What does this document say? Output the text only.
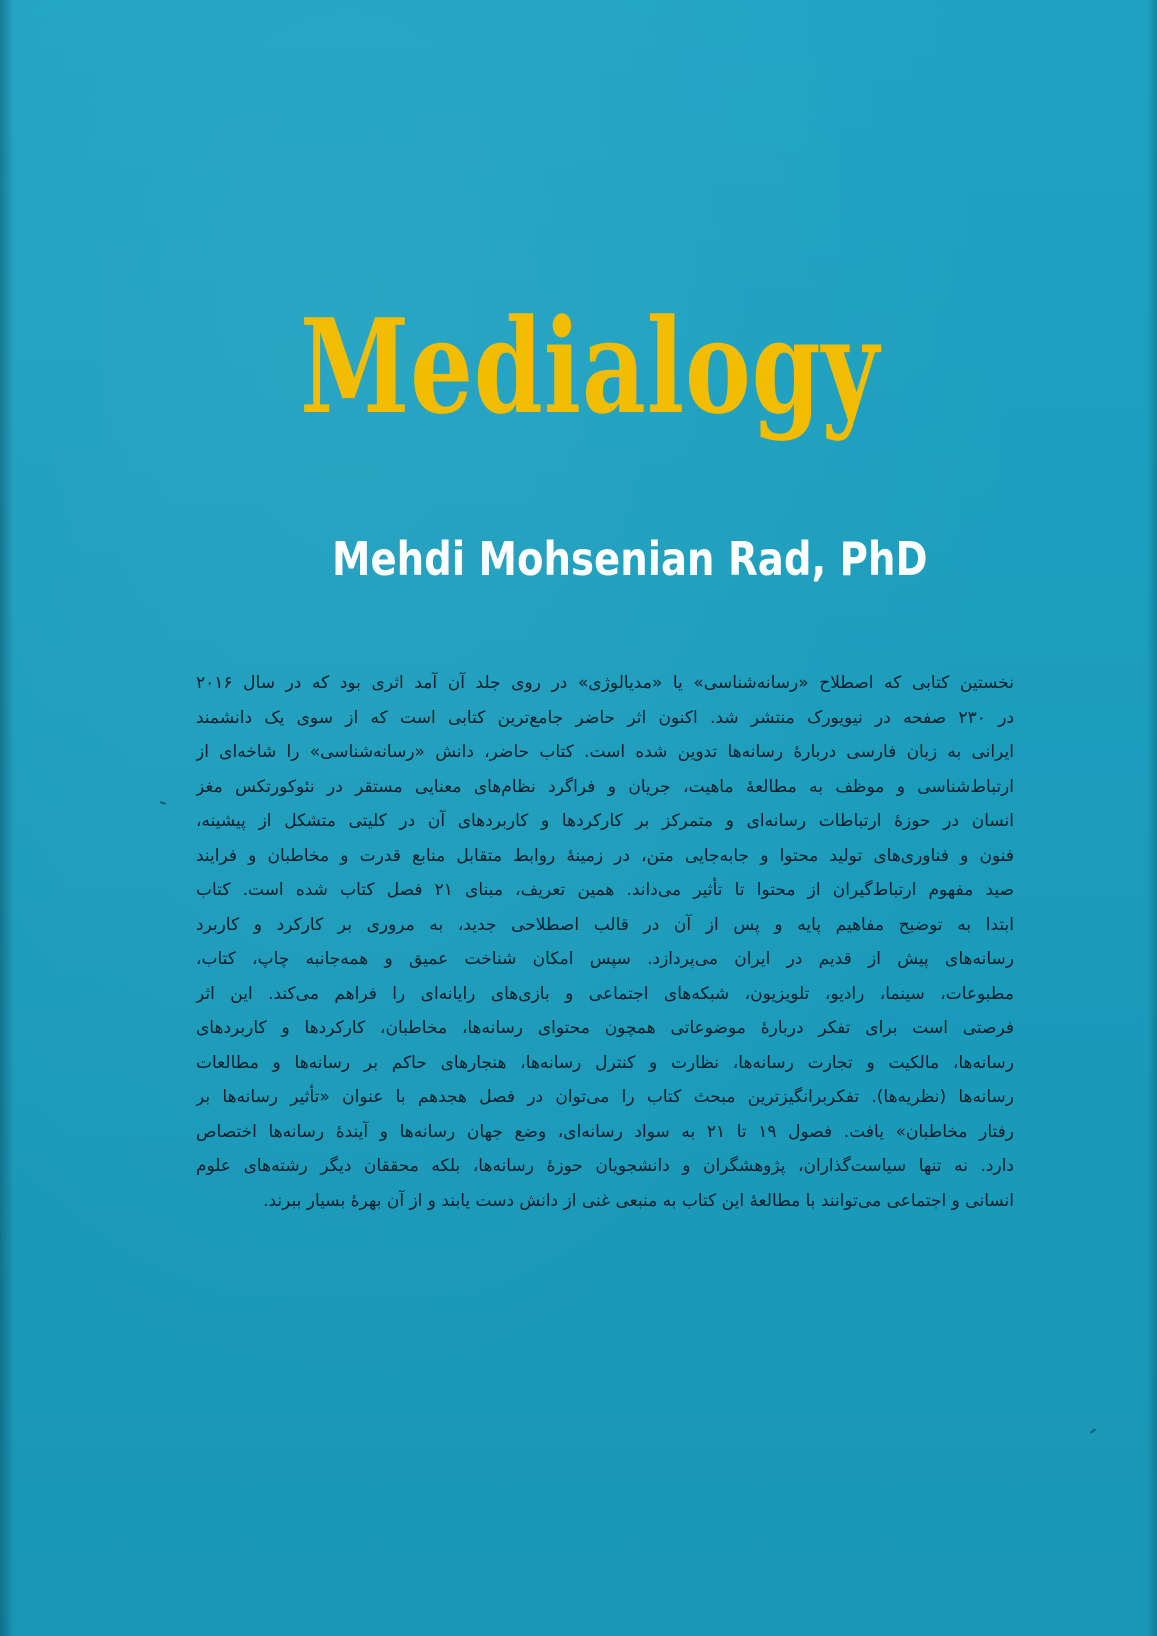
Medialogy
Mehdi Mohsenian Rad, PhD
نخستین کتابی که اصطلاح «رسانه‌شناسی» یا «مدیالوژی» در روی جلد آن آمد اثری بود که در سال ۲۰۱۶
در ۲۳۰ صفحه در نیویورک منتشر شد. اکنون اثر حاضر جامع‌ترین کتابی است که از سوی یک دانشمند
ایرانی به زبان فارسی دربارهٔ رسانه‌ها تدوین شده است. کتاب حاضر، دانش «رسانه‌شناسی» را شاخه‌ای از
ارتباط‌شناسی و موظف به مطالعهٔ ماهیت، جریان و فراگرد نظام‌های معنایی مستقر در نئوکورتکس مغز
انسان در حوزهٔ ارتباطات رسانه‌ای و متمرکز بر کارکردها و کاربردهای آن در کلیتی متشکل از پیشینه،
فنون و فناوری‌های تولید محتوا و جابه‌جایی متن، در زمینهٔ روابط متقابل منابع قدرت و مخاطبان و فرایند
صید مفهوم ارتباط‌گیران از محتوا تا تأثیر می‌داند. همین تعریف، مبنای ۲۱ فصل کتاب شده است. کتاب
ابتدا به توضیح مفاهیم پایه و پس از آن در قالب اصطلاحی جدید، به مروری بر کارکرد و کاربرد
رسانه‌های پیش از قدیم در ایران می‌پردازد. سپس امکان شناخت عمیق و همه‌جانبه چاپ، کتاب،
مطبوعات، سینما، رادیو، تلویزیون، شبکه‌های اجتماعی و بازی‌های رایانه‌ای را فراهم می‌کند. این اثر
فرصتی است برای تفکر دربارهٔ موضوعاتی همچون محتوای رسانه‌ها، مخاطبان، کارکردها و کاربردهای
رسانه‌ها، مالکیت و تجارت رسانه‌ها، نظارت و کنترل رسانه‌ها، هنجارهای حاکم بر رسانه‌ها و مطالعات
رسانه‌ها (نظریه‌ها). تفکربرانگیزترین مبحث کتاب را می‌توان در فصل هجدهم با عنوان «تأثیر رسانه‌ها بر
رفتار مخاطبان» یافت. فصول ۱۹ تا ۲۱ به سواد رسانه‌ای، وضع جهان رسانه‌ها و آیندهٔ رسانه‌ها اختصاص
دارد. نه تنها سیاست‌گذاران، پژوهشگران و دانشجویان حوزهٔ رسانه‌ها، بلکه محققان دیگر رشته‌های علوم
انسانی و اجتماعی می‌توانند با مطالعهٔ این کتاب به منبعی غنی از دانش دست یابند و از آن بهرهٔ بسیار ببرند.
